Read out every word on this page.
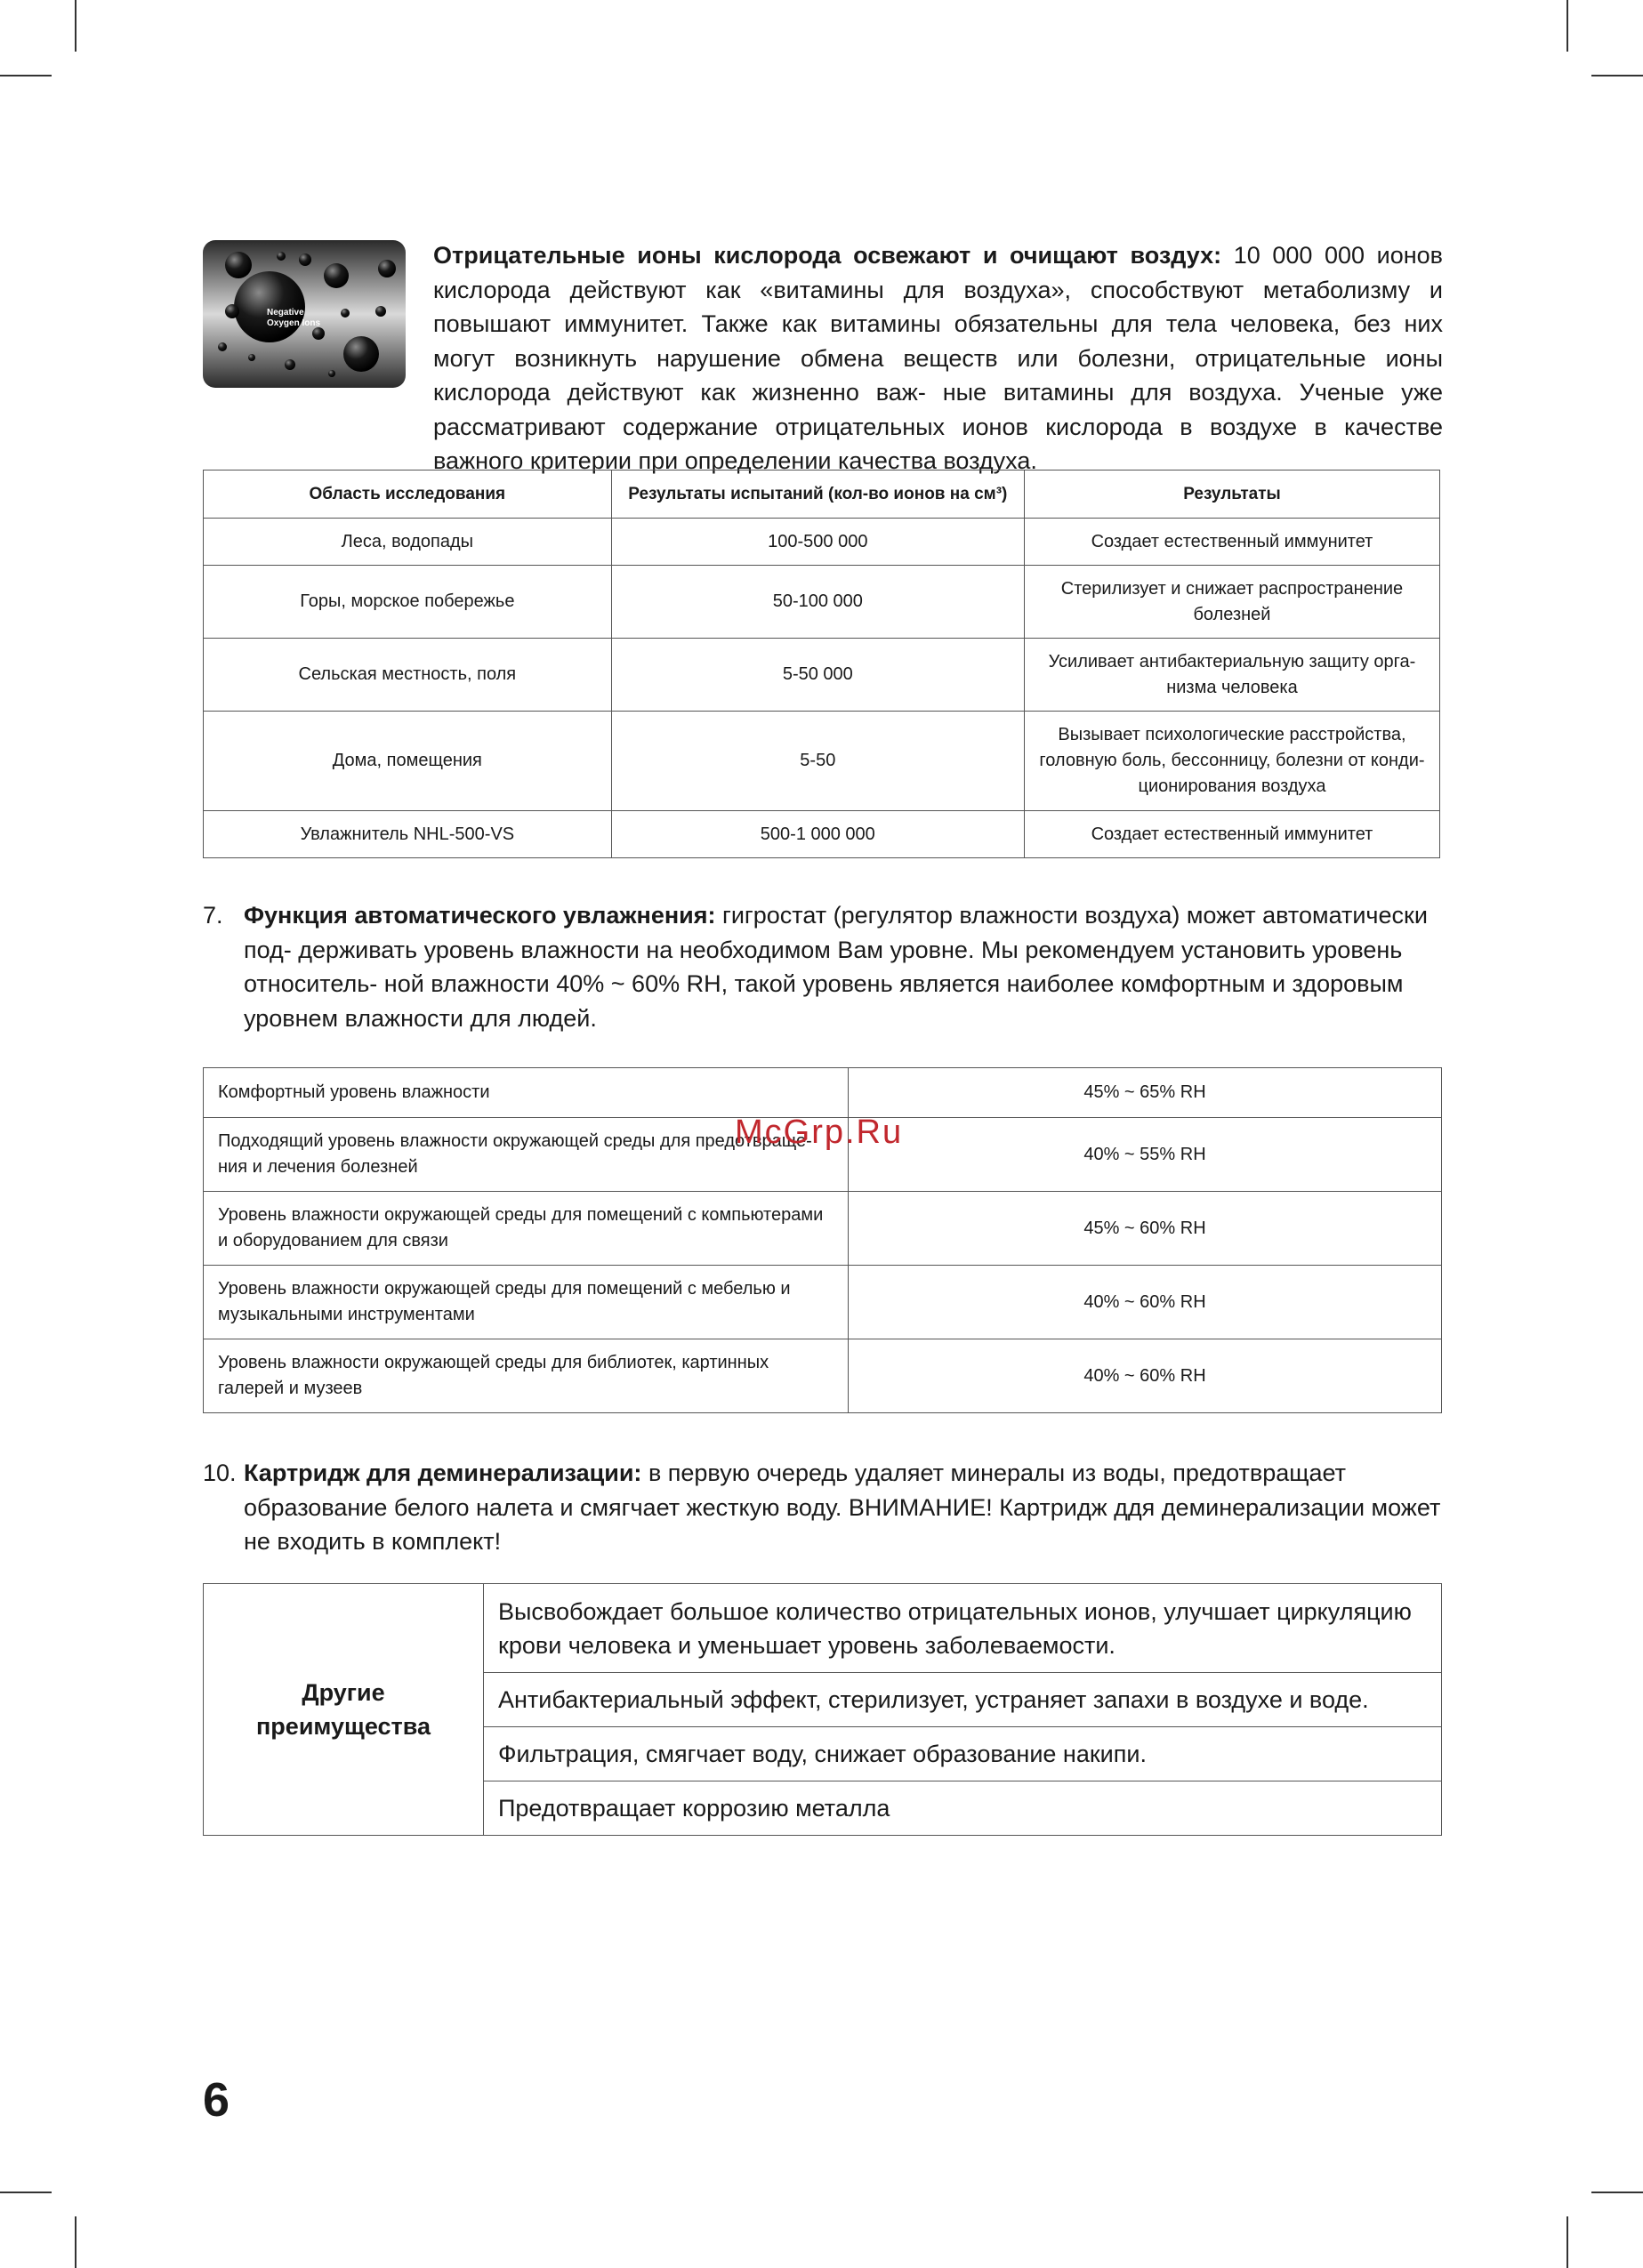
Negative
Oxygen Ions
Отрицательные ионы кислорода освежают и очищают воздух: 10 000 000 ионов кислорода действуют как «витамины для воздуха», способствуют метаболизму и повышают иммунитет. Также как витамины обязательны для тела человека, без них могут возникнуть нарушение обмена веществ или болезни, отрицательные ионы кислорода действуют как жизненно важ- ные витамины для воздуха. Ученые уже рассматривают содержание отрицательных ионов кислорода в воздухе в качестве важного критерии при определении качества воздуха.
Область исследования	Результаты испытаний (кол-во ионов на см³)	Результаты
Леса, водопады	100-500 000	Создает естественный иммунитет
Горы, морское побережье	50-100 000	Стерилизует и снижает распространение болезней
Сельская местность, поля	5-50 000	Усиливает антибактериальную защиту орга- низма человека
Дома, помещения	5-50	Вызывает психологические расстройства, головную боль, бессонницу, болезни от конди- ционирования воздуха
Увлажнитель NHL-500-VS	500-1 000 000	Создает естественный иммунитет
7. Функция автоматического увлажнения: гигростат (регулятор влажности воздуха) может автоматически под- держивать уровень влажности на необходимом Вам уровне. Мы рекомендуем установить уровень относитель- ной влажности 40% ~ 60% RH, такой уровень является наиболее комфортным и здоровым уровнем влажности для людей.
Комфортный уровень влажности	45% ~ 65% RH
Подходящий уровень влажности окружающей среды для предотвраще- ния и лечения болезней	40% ~ 55% RH
Уровень влажности окружающей среды для помещений с компьютерами и оборудованием для связи	45% ~ 60% RH
Уровень влажности окружающей среды для помещений с мебелью и музыкальными инструментами	40% ~ 60% RH
Уровень влажности окружающей среды для библиотек, картинных галерей и музеев	40% ~ 60% RH
McGrp.Ru
10. Картридж для деминерализации: в первую очередь удаляет минералы из воды, предотвращает образование белого налета и смягчает жесткую воду. ВНИМАНИЕ! Картридж ддя деминерализации может не входить в комплект!
Другие преимущества	Высвобождает большое количество отрицательных ионов, улучшает циркуляцию крови человека и уменьшает уровень заболеваемости.
Антибактериальный эффект, стерилизует, устраняет запахи в воздухе и воде.
Фильтрация, смягчает воду, снижает образование накипи.
Предотвращает коррозию металла
6
